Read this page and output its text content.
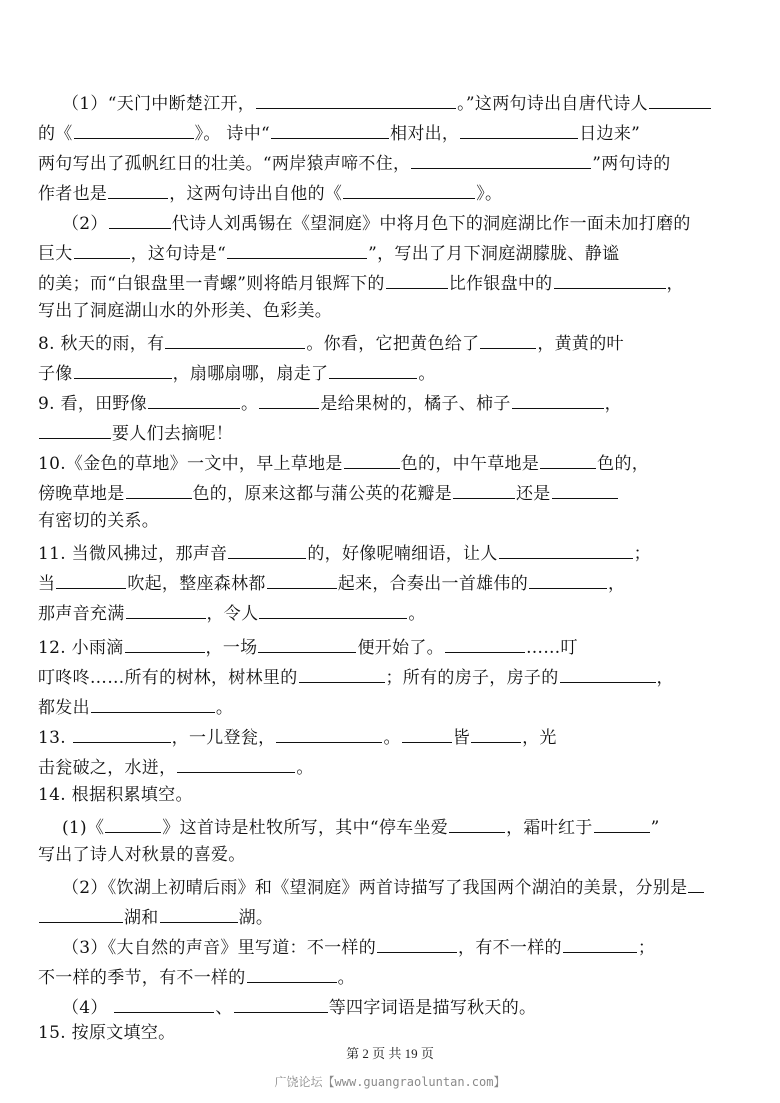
（1）“天门中断楚江开，	。”这两句诗出自唐代诗人
的《	》。 诗中“	相对出，	日边来”
两句写出了孤帆红日的壮美。“两岸猿声啼不住，	”两句诗的
作者也是	，这两句诗出自他的《	》。
（2）	代诗人刘禹锡在《望洞庭》中将月色下的洞庭湖比作一面未加打磨的
巨大	，这句诗是“	”，写出了月下洞庭湖朦胧、静谧
的美；而“白银盘里一青螺”则将皓月银辉下的	比作银盘中的	，
写出了洞庭湖山水的外形美、色彩美。
8. 秋天的雨，有	。你看，它把黄色给了	，黄黄的叶
子像	，扇哪扇哪，扇走了	。
9. 看，田野像	。	是给果树的，橘子、柿子	，
要人们去摘呢！
10.《金色的草地》一文中，早上草地是	色的，中午草地是	色的，
傍晚草地是	色的，原来这都与蒲公英的花瓣是	还是
有密切的关系。
11. 当微风拂过，那声音	的，好像呢喃细语，让人	；
当	吹起，整座森林都	起来，合奏出一首雄伟的	，
那声音充满	，令人	。
12. 小雨滴	，一场	便开始了。	……叮
叮咚咚……所有的树林，树林里的	；所有的房子，房子的	，
都发出	。
13.	，一儿登瓮，	。	皆	，光
击瓮破之，水迸，	。
14. 根据积累填空。
(1)《	》这首诗是杜牧所写，其中“停车坐爱	，霜叶红于	”
写出了诗人对秋景的喜爱。
（2）《饮湖上初晴后雨》和《望洞庭》两首诗描写了我国两个湖泊的美景，分别是
湖和	湖。
（3）《大自然的声音》里写道：不一样的	，有不一样的	；
不一样的季节，有不一样的	。
（4）	、	等四字词语是描写秋天的。
15. 按原文填空。
第 2 页 共 19 页
广饶论坛【www.guangraoluntan.com】
